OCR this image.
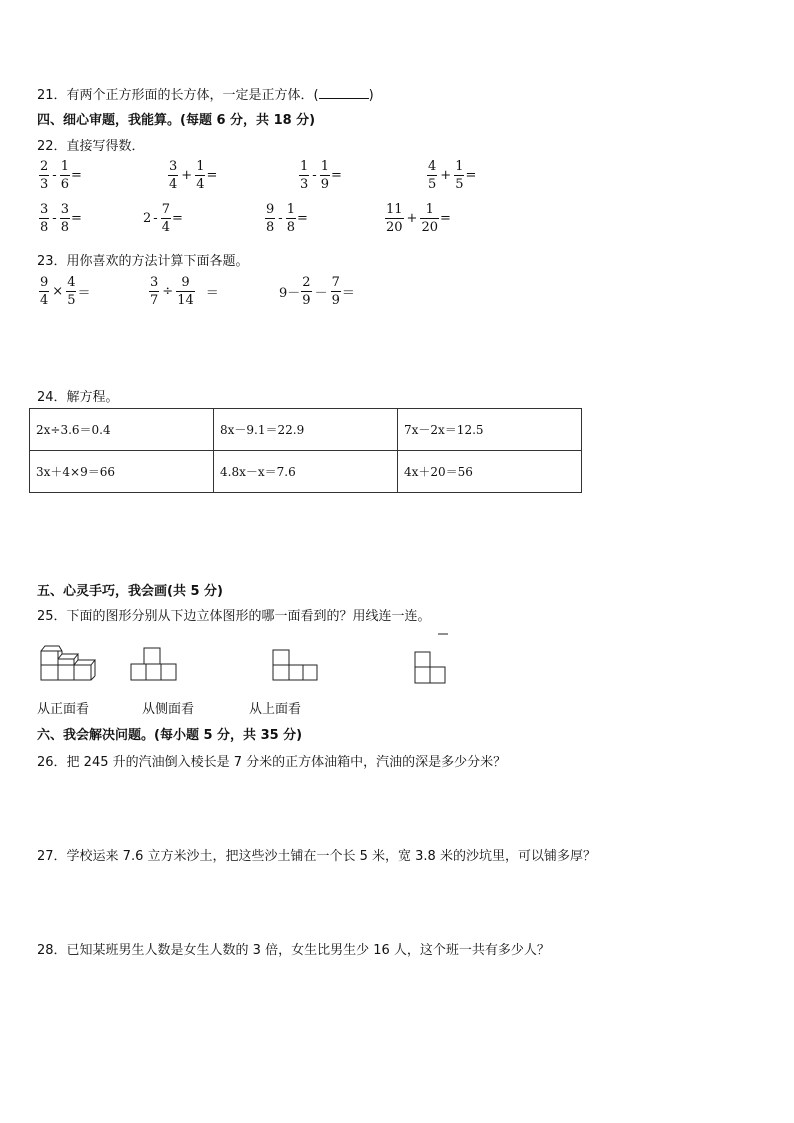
21．有两个正方形面的长方体，一定是正方体．(	)
四、细心审题，我能算。(每题 6 分，共 18 分)
22．直接写得数．
$\frac{2}{3} - \frac{1}{6}$ =	$\frac{3}{4} + \frac{1}{4}$ =	$\frac{1}{3} - \frac{1}{9}$ =	$\frac{4}{5} + \frac{1}{5}$ =
$\frac{3}{8} - \frac{3}{8}$ =	$2 - \frac{7}{4}$ =	$\frac{9}{8} - \frac{1}{8}$ =	$\frac{11}{20} + \frac{1}{20}$ =
23．用你喜欢的方法计算下面各题。
$\frac{9}{4} \times \frac{4}{5}$ ＝	$\frac{3}{7} \div \frac{9}{14}$ ＝	$9- \frac{2}{9} - \frac{7}{9}$ ＝
24．解方程。
2x÷3.6＝0.4	8x－9.1＝22.9	7x－2x＝12.5
3x＋4×9＝66	4.8x－x＝7.6	4x＋20＝56
五、心灵手巧，我会画(共 5 分)
25．下面的图形分别从下边立体图形的哪一面看到的？用线连一连。
从正面看	从侧面看	从上面看
六、我会解决问题。(每小题 5 分，共 35 分)
26．把 245 升的汽油倒入棱长是 7 分米的正方体油箱中，汽油的深是多少分米？
27．学校运来 7.6 立方米沙土，把这些沙土铺在一个长 5 米，宽 3.8 米的沙坑里，可以铺多厚？
28．已知某班男生人数是女生人数的 3 倍，女生比男生少 16 人，这个班一共有多少人？
